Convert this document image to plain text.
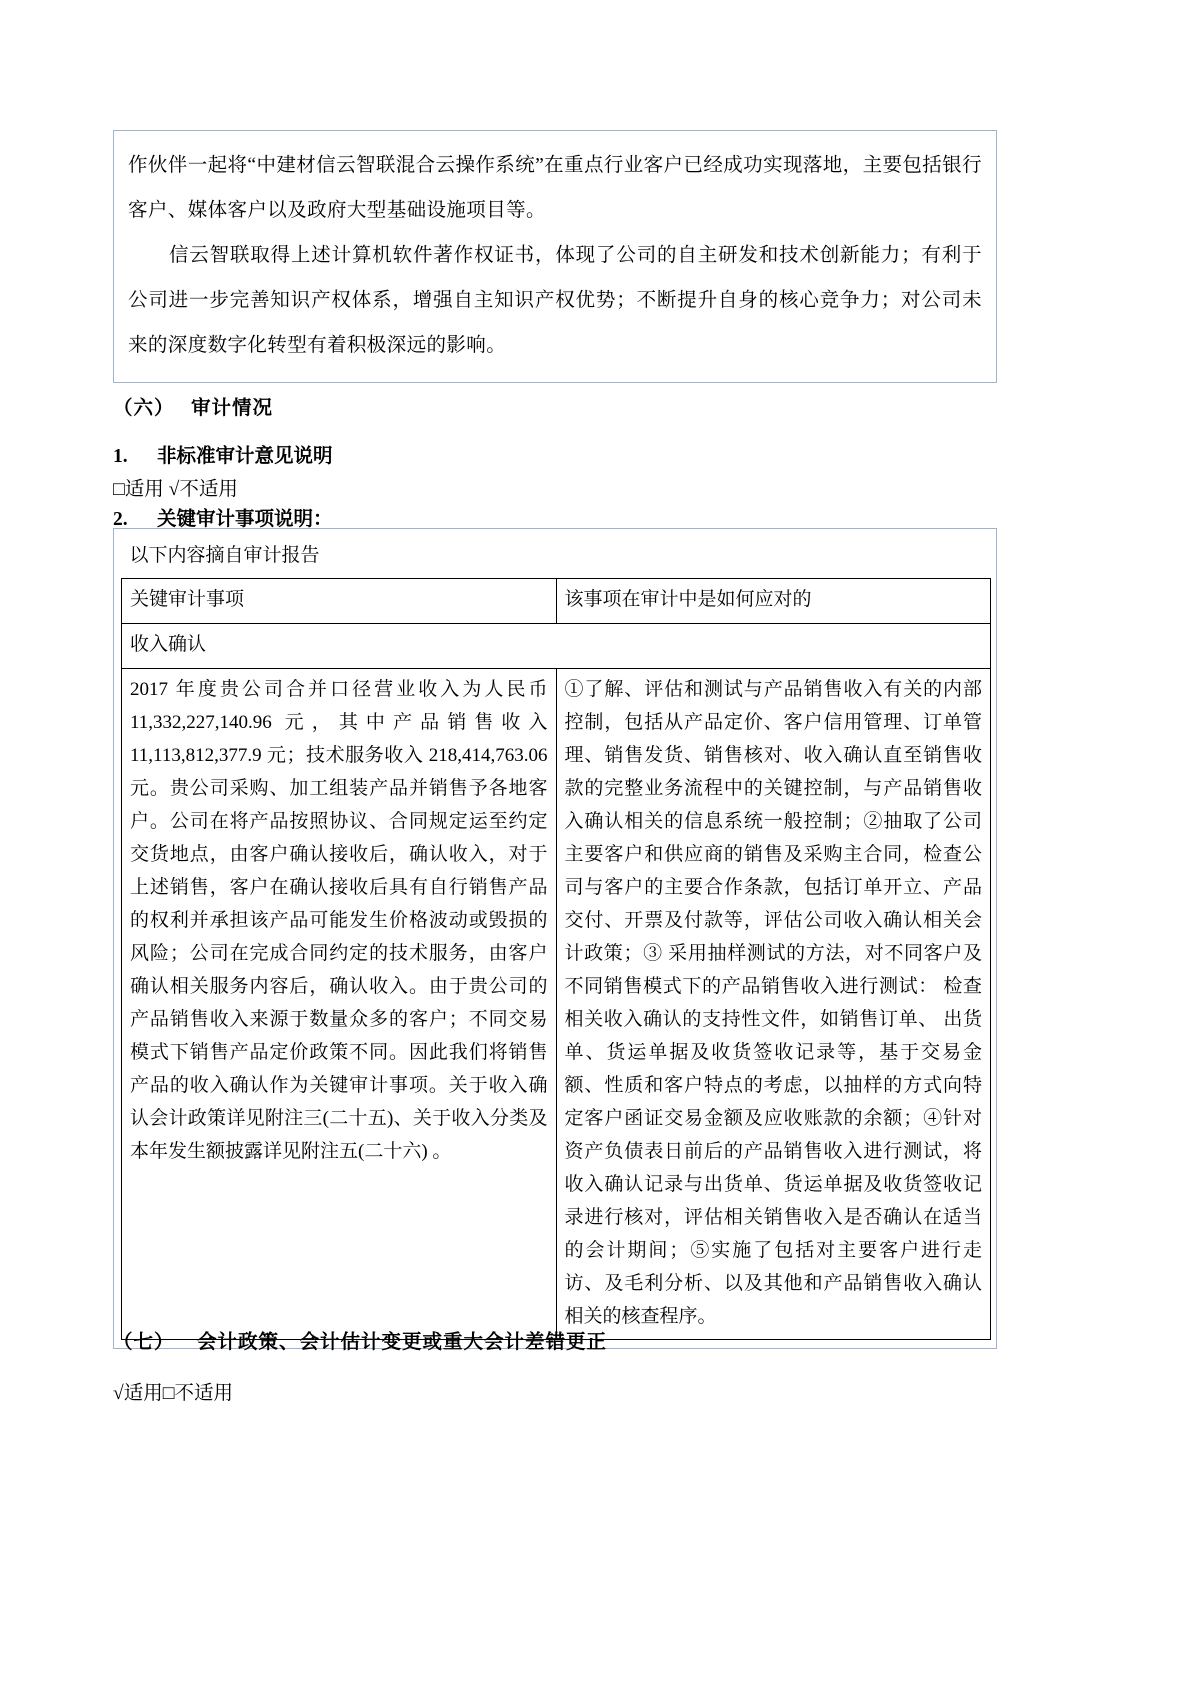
作伙伴一起将“中建材信云智联混合云操作系统”在重点行业客户已经成功实现落地，主要包括银行客户、媒体客户以及政府大型基础设施项目等。
信云智联取得上述计算机软件著作权证书，体现了公司的自主研发和技术创新能力；有利于公司进一步完善知识产权体系，增强自主知识产权优势；不断提升自身的核心竞争力；对公司未来的深度数字化转型有着积极深远的影响。
（六） 审计情况
1. 非标准审计意见说明
□适用 √不适用
2. 关键审计事项说明：
以下内容摘自审计报告	
关键审计事项	该事项在审计中是如何应对的
收入确认	
2017 年度贵公司合并口径营业收入为人民币 11,332,227,140.96 元，其中产品销售收入 11,113,812,377.9 元；技术服务收入 218,414,763.06 元。贵公司采购、加工组装产品并销售予各地客户。公司在将产品按照协议、合同规定运至约定交货地点，由客户确认接收后，确认收入，对于上述销售，客户在确认接收后具有自行销售产品的权利并承担该产品可能发生价格波动或毁损的风险；公司在完成合同约定的技术服务，由客户确认相关服务内容后，确认收入。由于贵公司的产品销售收入来源于数量众多的客户；不同交易模式下销售产品定价政策不同。因此我们将销售产品的收入确认作为关键审计事项。关于收入确认会计政策详见附注三(二十五)、关于收入分类及本年发生额披露详见附注五(二十六) 。	①了解、评估和测试与产品销售收入有关的内部控制，包括从产品定价、客户信用管理、订单管理、销售发货、销售核对、收入确认直至销售收款的完整业务流程中的关键控制，与产品销售收入确认相关的信息系统一般控制；②抽取了公司主要客户和供应商的销售及采购主合同，检查公司与客户的主要合作条款，包括订单开立、产品交付、开票及付款等，评估公司收入确认相关会计政策；③ 采用抽样测试的方法，对不同客户及不同销售模式下的产品销售收入进行测试： 检查相关收入确认的支持性文件，如销售订单、 出货单、货运单据及收货签收记录等，基于交易金额、性质和客户特点的考虑，以抽样的方式向特定客户函证交易金额及应收账款的余额；④针对资产负债表日前后的产品销售收入进行测试，将收入确认记录与出货单、货运单据及收货签收记录进行核对，评估相关销售收入是否确认在适当的会计期间；⑤实施了包括对主要客户进行走访、及毛利分析、以及其他和产品销售收入确认相关的核查程序。
（七） 会计政策、会计估计变更或重大会计差错更正
√适用□不适用
